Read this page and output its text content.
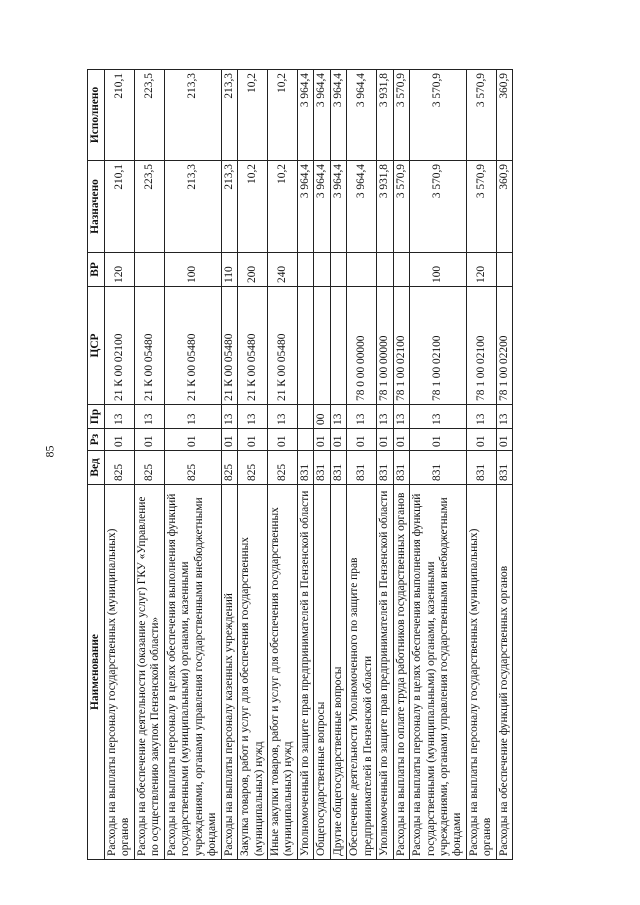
85
Наименование	Вед	Рз	Пр	ЦСР	ВР	Назначено	Исполнено
Расходы на выплаты персоналу государственных (муниципальных) органов	825	01	13	21 К 00 02100	120	210,1	210,1
Расходы на обеспечение деятельности (оказание услуг) ГКУ «Управление по осуществлению закупок Пензенской области»	825	01	13	21 К 00 05480		223,5	223,5
Расходы на выплаты персоналу в целях обеспечения выполнения функций государственными (муниципальными) органами, казенными учреждениями, органами управления государственными внебюджетными фондами	825	01	13	21 К 00 05480	100	213,3	213,3
Расходы на выплаты персоналу казенных учреждений	825	01	13	21 К 00 05480	110	213,3	213,3
Закупка товаров, работ и услуг для обеспечения государственных (муниципальных) нужд	825	01	13	21 К 00 05480	200	10,2	10,2
Иные закупки товаров, работ и услуг для обеспечения государственных (муниципальных) нужд	825	01	13	21 К 00 05480	240	10,2	10,2
Уполномоченный по защите прав предпринимателей в Пензенской области	831					3 964,4	3 964,4
Общегосударственные вопросы	831	01	00			3 964,4	3 964,4
Другие общегосударственные вопросы	831	01	13			3 964,4	3 964,4
Обеспечение деятельности Уполномоченного по защите прав предпринимателей в Пензенской области	831	01	13	78 0 00 00000		3 964,4	3 964,4
Уполномоченный по защите прав предпринимателей в Пензенской области	831	01	13	78 1 00 00000		3 931,8	3 931,8
Расходы на выплаты по оплате труда работников государственных органов	831	01	13	78 1 00 02100		3 570,9	3 570,9
Расходы на выплаты персоналу в целях обеспечения выполнения функций государственными (муниципальными) органами, казенными учреждениями, органами управления государственными внебюджетными фондами	831	01	13	78 1 00 02100	100	3 570,9	3 570,9
Расходы на выплаты персоналу государственных (муниципальных) органов	831	01	13	78 1 00 02100	120	3 570,9	3 570,9
Расходы на обеспечение функций государственных органов	831	01	13	78 1 00 02200		360,9	360,9
